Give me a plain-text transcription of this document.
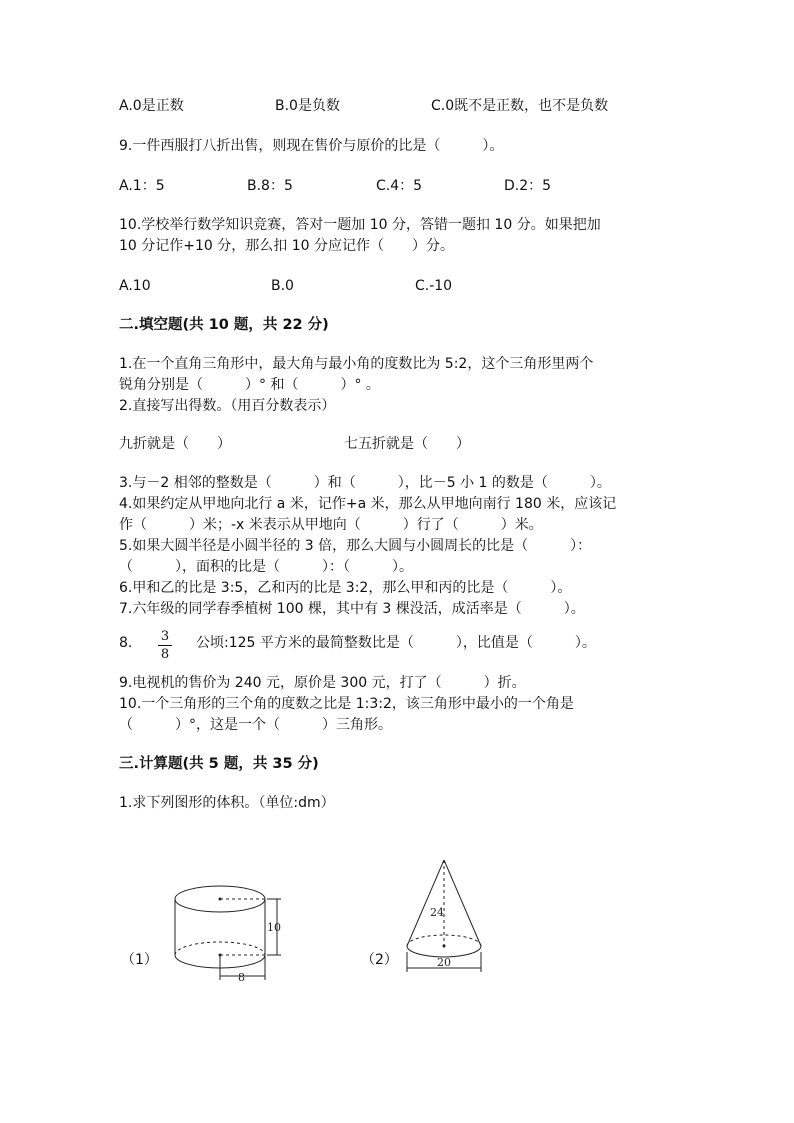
A.0是正数	B.0是负数	C.0既不是正数，也不是负数
9.一件西服打八折出售，则现在售价与原价的比是（　　　）。
A.1：5	B.8：5	C.4：5	D.2：5
10.学校举行数学知识竞赛，答对一题加 10 分，答错一题扣 10 分。如果把加
10 分记作+10 分，那么扣 10 分应记作（　　）分。
A.10	B.0	C.-10
二.填空题(共 10 题，共 22 分)
1.在一个直角三角形中，最大角与最小角的度数比为 5:2，这个三角形里两个
锐角分别是（　　　）° 和（　　　）° 。
2.直接写出得数。（用百分数表示）
九折就是（　　）	七五折就是（　　）
3.与－2 相邻的整数是（　　　）和（　　　），比－5 小 1 的数是（　　　）。
4.如果约定从甲地向北行 a 米，记作+a 米，那么从甲地向南行 180 米，应该记
作（　　　）米；-x 米表示从甲地向（　　　）行了（　　　）米。
5.如果大圆半径是小圆半径的 3 倍，那么大圆与小圆周长的比是（　　　）：
（　　　），面积的比是（　　　）：（　　　）。
6.甲和乙的比是 3:5，乙和丙的比是 3:2，那么甲和丙的比是（　　　）。
7.六年级的同学春季植树 100 棵，其中有 3 棵没活，成活率是（　　　）。
8. 3
8
公顷:125 平方米的最简整数比是（　　　），比值是（　　　）。
9.电视机的售价为 240 元，原价是 300 元，打了（　　　）折。
10.一个三角形的三个角的度数之比是 1:3:2，该三角形中最小的一个角是
（　　　）°，这是一个（　　　）三角形。
三.计算题(共 5 题，共 35 分)
1.求下列图形的体积。（单位:dm）
（1）
10
8
（2）
24
20
